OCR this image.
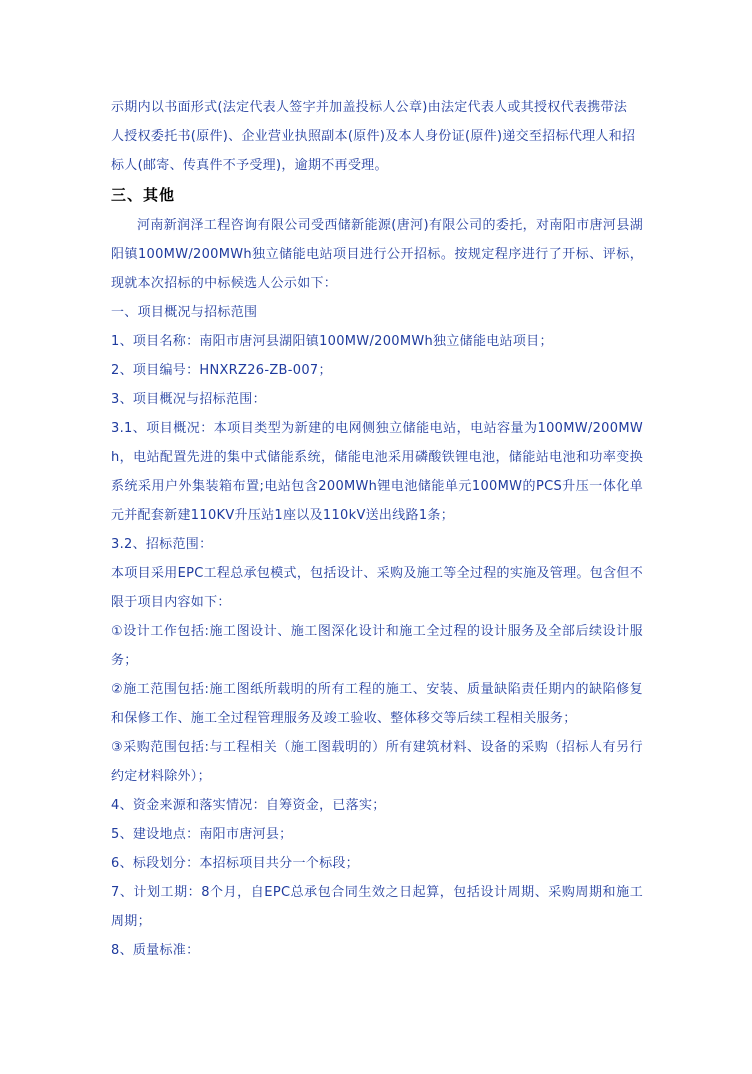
示期内以书面形式(法定代表人签字并加盖投标人公章)由法定代表人或其授权代表携带法

人授权委托书(原件)、企业营业执照副本(原件)及本人身份证(原件)递交至招标代理人和招

标人(邮寄、传真件不予受理)，逾期不再受理。

三、其他

河南新润泽工程咨询有限公司受西储新能源(唐河)有限公司的委托，对南阳市唐河县湖阳镇100MW/200MWh独立储能电站项目进行公开招标。按规定程序进行了开标、评标，现就本次招标的中标候选人公示如下：

一、项目概况与招标范围

1、项目名称：南阳市唐河县湖阳镇100MW/200MWh独立储能电站项目；

2、项目编号：HNXRZ26-ZB-007；

3、项目概况与招标范围：

3.1、项目概况：本项目类型为新建的电网侧独立储能电站，电站容量为100MW/200MWh，电站配置先进的集中式储能系统，储能电池采用磷酸铁锂电池，储能站电池和功率变换系统采用户外集装箱布置;电站包含200MWh锂电池储能单元100MW的PCS升压一体化单元并配套新建110KV升压站1座以及110kV送出线路1条；

3.2、招标范围：

本项目采用EPC工程总承包模式，包括设计、采购及施工等全过程的实施及管理。包含但不限于项目内容如下：

①设计工作包括:施工图设计、施工图深化设计和施工全过程的设计服务及全部后续设计服务；

②施工范围包括:施工图纸所载明的所有工程的施工、安装、质量缺陷责任期内的缺陷修复和保修工作、施工全过程管理服务及竣工验收、整体移交等后续工程相关服务；

③采购范围包括:与工程相关（施工图载明的）所有建筑材料、设备的采购（招标人有另行约定材料除外）；

4、资金来源和落实情况：自筹资金，已落实；

5、建设地点：南阳市唐河县；

6、标段划分：本招标项目共分一个标段；

7、计划工期：8个月，自EPC总承包合同生效之日起算，包括设计周期、采购周期和施工周期；

8、质量标准：
